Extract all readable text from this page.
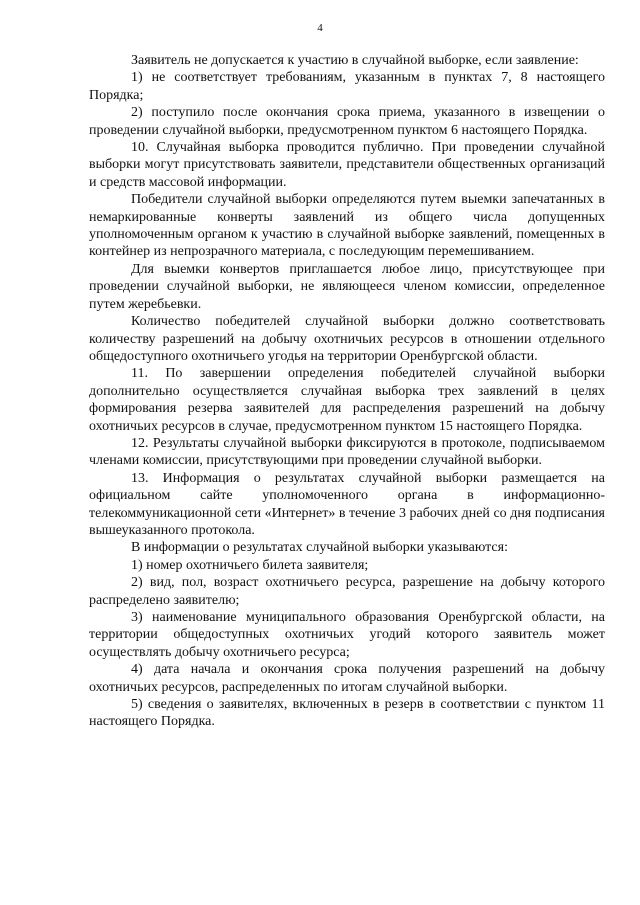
4

Заявитель не допускается к участию в случайной выборке, если заявление:

1) не соответствует требованиям, указанным в пунктах 7, 8 настоящего Порядка;

2) поступило после окончания срока приема, указанного в извещении о проведении случайной выборки, предусмотренном пунктом 6 настоящего Порядка.

10. Случайная выборка проводится публично. При проведении случайной выборки могут присутствовать заявители, представители общественных организаций и средств массовой информации.

Победители случайной выборки определяются путем выемки запечатанных в немаркированные конверты заявлений из общего числа допущенных уполномоченным органом к участию в случайной выборке заявлений, помещенных в контейнер из непрозрачного материала, с последующим перемешиванием.

Для выемки конвертов приглашается любое лицо, присутствующее при проведении случайной выборки, не являющееся членом комиссии, определенное путем жеребьевки.

Количество победителей случайной выборки должно соответствовать количеству разрешений на добычу охотничьих ресурсов в отношении отдельного общедоступного охотничьего угодья на территории Оренбургской области.

11. По завершении определения победителей случайной выборки дополнительно осуществляется случайная выборка трех заявлений в целях формирования резерва заявителей для распределения разрешений на добычу охотничьих ресурсов в случае, предусмотренном пунктом 15 настоящего Порядка.

12. Результаты случайной выборки фиксируются в протоколе, подписываемом членами комиссии, присутствующими при проведении случайной выборки.

13. Информация о результатах случайной выборки размещается на официальном сайте уполномоченного органа в информационно-телекоммуникационной сети «Интернет» в течение 3 рабочих дней со дня подписания вышеуказанного протокола.

В информации о результатах случайной выборки указываются:

1) номер охотничьего билета заявителя;

2) вид, пол, возраст охотничьего ресурса, разрешение на добычу которого распределено заявителю;

3) наименование муниципального образования Оренбургской области, на территории общедоступных охотничьих угодий которого заявитель может осуществлять добычу охотничьего ресурса;

4) дата начала и окончания срока получения разрешений на добычу охотничьих ресурсов, распределенных по итогам случайной выборки.

5) сведения о заявителях, включенных в резерв в соответствии с пунктом 11 настоящего Порядка.
